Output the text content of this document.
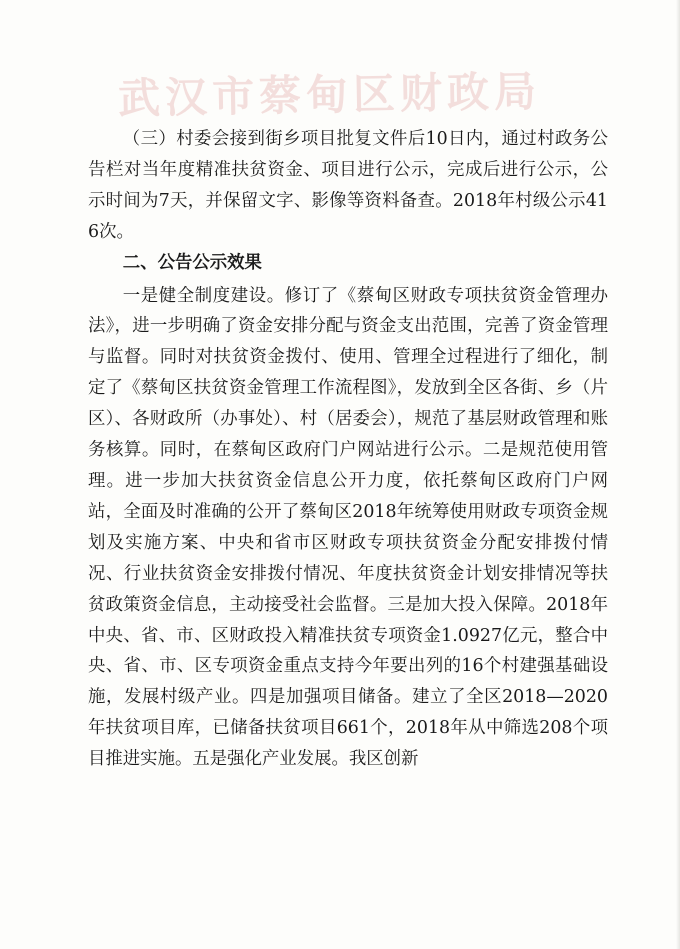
武汉市蔡甸区财政局

（三）村委会接到街乡项目批复文件后10日内，通过村政务公告栏对当年度精准扶贫资金、项目进行公示，完成后进行公示，公示时间为7天，并保留文字、影像等资料备查。2018年村级公示416次。

二、公告公示效果

一是健全制度建设。修订了《蔡甸区财政专项扶贫资金管理办法》，进一步明确了资金安排分配与资金支出范围，完善了资金管理与监督。同时对扶贫资金拨付、使用、管理全过程进行了细化，制定了《蔡甸区扶贫资金管理工作流程图》，发放到全区各街、乡（片区）、各财政所（办事处）、村（居委会），规范了基层财政管理和账务核算。同时，在蔡甸区政府门户网站进行公示。二是规范使用管理。进一步加大扶贫资金信息公开力度，依托蔡甸区政府门户网站，全面及时准确的公开了蔡甸区2018年统筹使用财政专项资金规划及实施方案、中央和省市区财政专项扶贫资金分配安排拨付情况、行业扶贫资金安排拨付情况、年度扶贫资金计划安排情况等扶贫政策资金信息，主动接受社会监督。三是加大投入保障。2018年中央、省、市、区财政投入精准扶贫专项资金1.0927亿元，整合中央、省、市、区专项资金重点支持今年要出列的16个村建强基础设施，发展村级产业。四是加强项目储备。建立了全区2018—2020年扶贫项目库，已储备扶贫项目661个，2018年从中筛选208个项目推进实施。五是强化产业发展。我区创新
